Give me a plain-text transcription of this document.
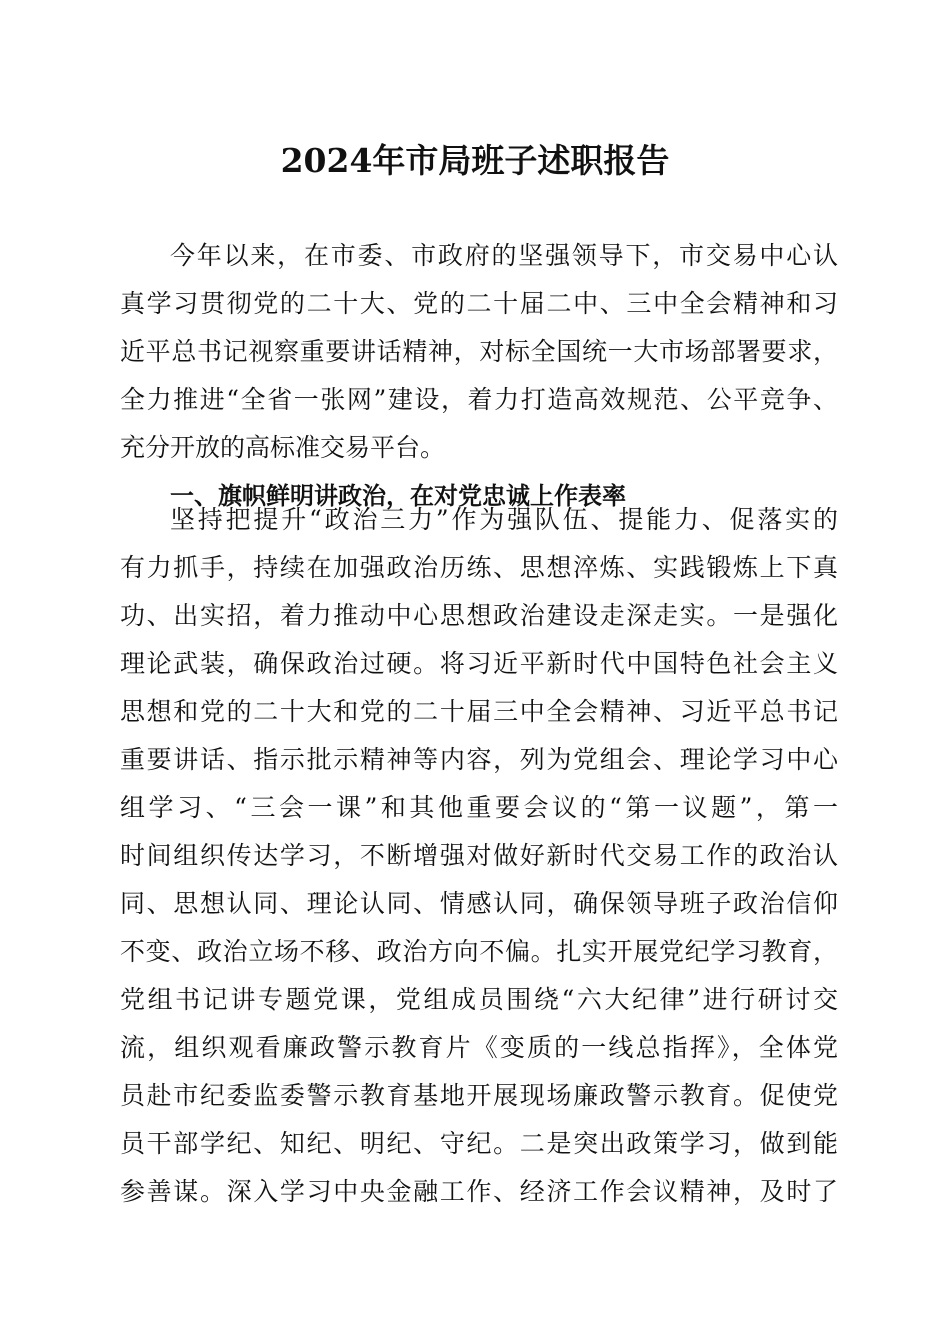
2024年市局班子述职报告
今年以来，在市委、市政府的坚强领导下，市交易中心认
真学习贯彻党的二十大、党的二十届二中、三中全会精神和习
近平总书记视察重要讲话精神，对标全国统一大市场部署要求，
全力推进“全省一张网”建设，着力打造高效规范、公平竞争、
充分开放的高标准交易平台。
一、旗帜鲜明讲政治，在对党忠诚上作表率
坚持把提升“政治三力”作为强队伍、提能力、促落实的
有力抓手，持续在加强政治历练、思想淬炼、实践锻炼上下真
功、出实招，着力推动中心思想政治建设走深走实。一是强化
理论武装，确保政治过硬。将习近平新时代中国特色社会主义
思想和党的二十大和党的二十届三中全会精神、习近平总书记
重要讲话、指示批示精神等内容，列为党组会、理论学习中心
组学习、“三会一课”和其他重要会议的“第一议题”，第一
时间组织传达学习，不断增强对做好新时代交易工作的政治认
同、思想认同、理论认同、情感认同，确保领导班子政治信仰
不变、政治立场不移、政治方向不偏。扎实开展党纪学习教育，
党组书记讲专题党课，党组成员围绕“六大纪律”进行研讨交
流，组织观看廉政警示教育片《变质的一线总指挥》，全体党
员赴市纪委监委警示教育基地开展现场廉政警示教育。促使党
员干部学纪、知纪、明纪、守纪。二是突出政策学习，做到能
参善谋。深入学习中央金融工作、经济工作会议精神，及时了
